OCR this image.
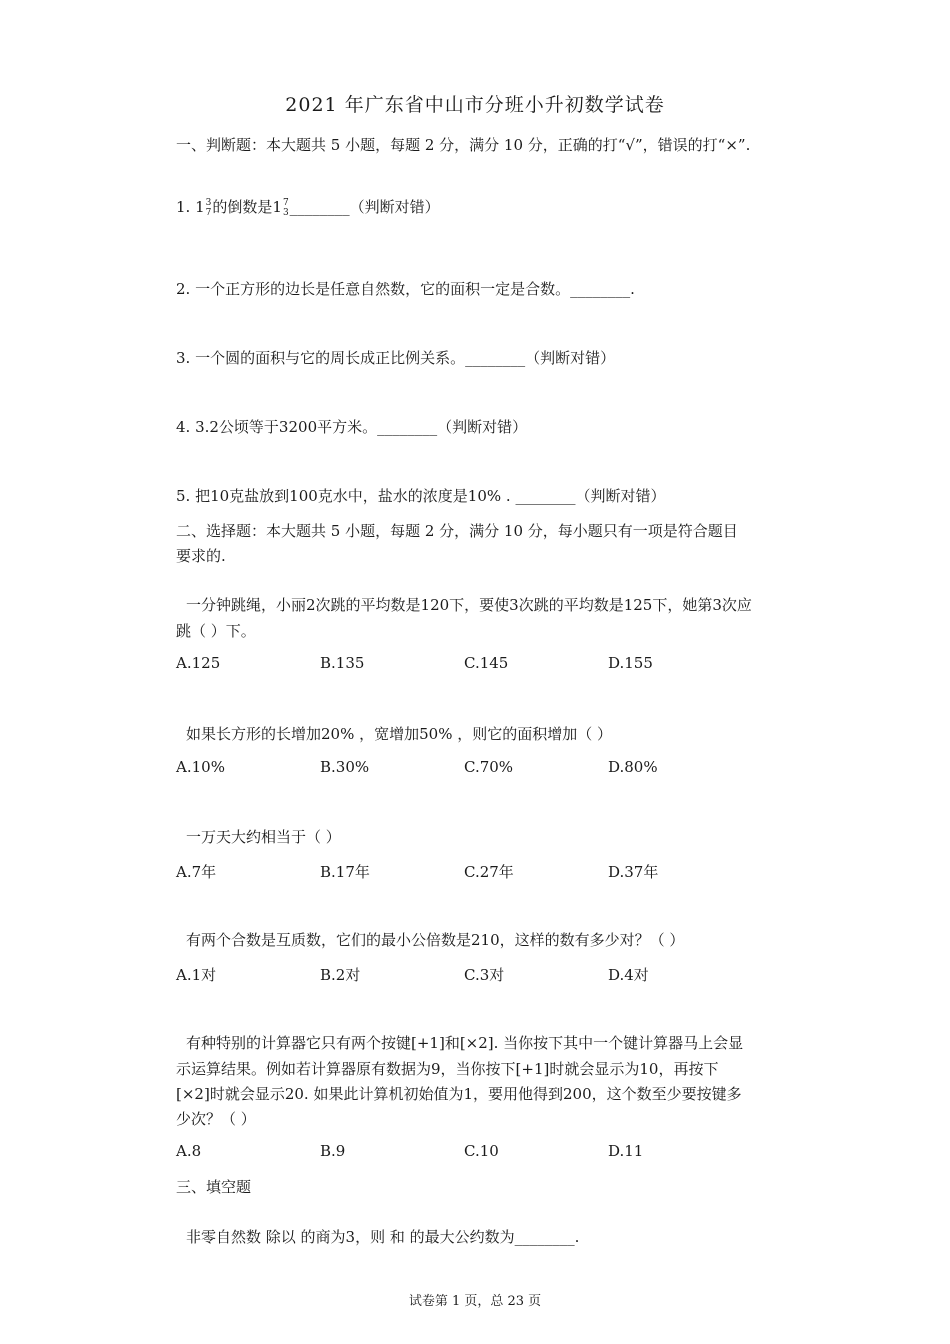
2021 年广东省中山市分班小升初数学试卷
一、判断题：本大题共 5 小题，每题 2 分，满分 10 分，正确的打“√”，错误的打“×”.
1. 1 3
7 的倒数是1 7
3 ________（判断对错）
2. 一个正方形的边长是任意自然数，它的面积一定是合数。________.
3. 一个圆的面积与它的周长成正比例关系。________（判断对错）
4. 3.2公顷等于3200平方米。________（判断对错）
5. 把10克盐放到100克水中，盐水的浓度是10% . ________（判断对错）
二、选择题：本大题共 5 小题，每题 2 分，满分 10 分，每小题只有一项是符合题目
要求的.
一分钟跳绳，小丽2次跳的平均数是120下，要使3次跳的平均数是125下，她第3次应
跳（ ）下。
A.125	B.135	C.145	D.155
如果长方形的长增加20% ，宽增加50% ，则它的面积增加（ ）
A.10%	B.30%	C.70%	D.80%
一万天大约相当于（ ）
A.7年	B.17年	C.27年	D.37年
有两个合数是互质数，它们的最小公倍数是210，这样的数有多少对？（ ）
A.1对	B.2对	C.3对	D.4对
有种特别的计算器它只有两个按键[+1]和[×2]. 当你按下其中一个键计算器马上会显
示运算结果。例如若计算器原有数据为9，当你按下[+1]时就会显示为10，再按下
[×2]时就会显示20. 如果此计算机初始值为1，要用他得到200，这个数至少要按键多
少次？（ ）
A.8	B.9	C.10	D.11
三、填空题
非零自然数 除以 的商为3，则 和 的最大公约数为________.
试卷第 1 页，总 23 页
